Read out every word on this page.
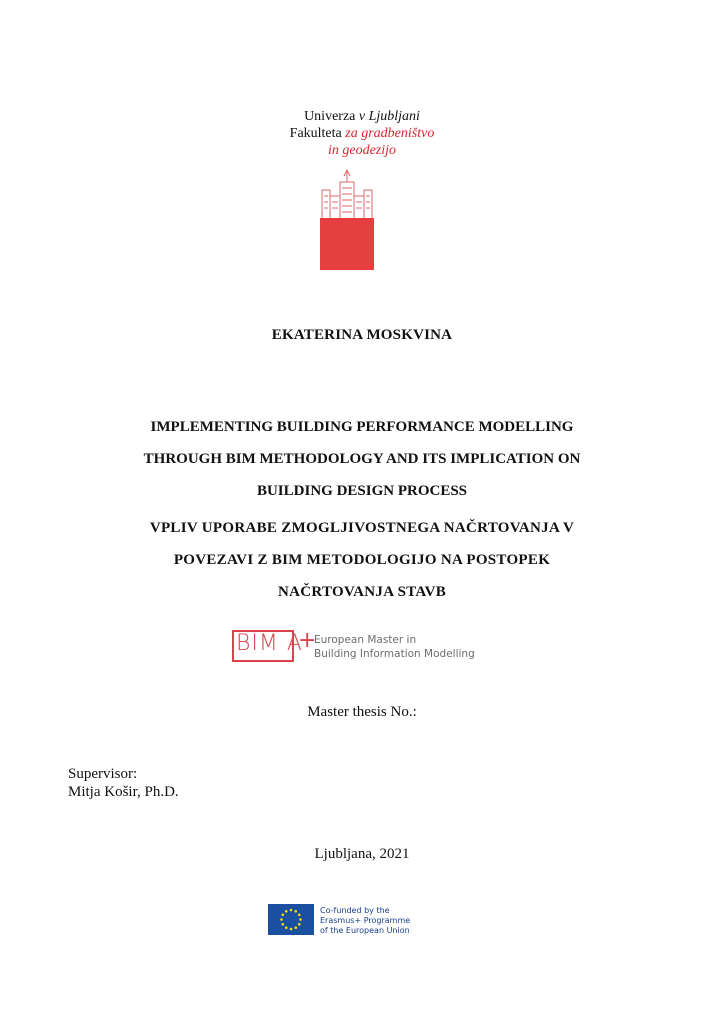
Univerza v Ljubljani
Fakulteta za gradbeništvo
in geodezijo
EKATERINA MOSKVINA
IMPLEMENTING BUILDING PERFORMANCE MODELLING
THROUGH BIM METHODOLOGY AND ITS IMPLICATION ON
BUILDING DESIGN PROCESS
VPLIV UPORABE ZMOGLJIVOSTNEGA NAČRTOVANJA V
POVEZAVI Z BIM METODOLOGIJO NA POSTOPEK
NAČRTOVANJA STAVB
BIM A
+
European Master in
Building Information Modelling
Master thesis No.:
Supervisor:
Mitja Košir, Ph.D.
Ljubljana, 2021
Co-funded by the
Erasmus+ Programme
of the European Union
